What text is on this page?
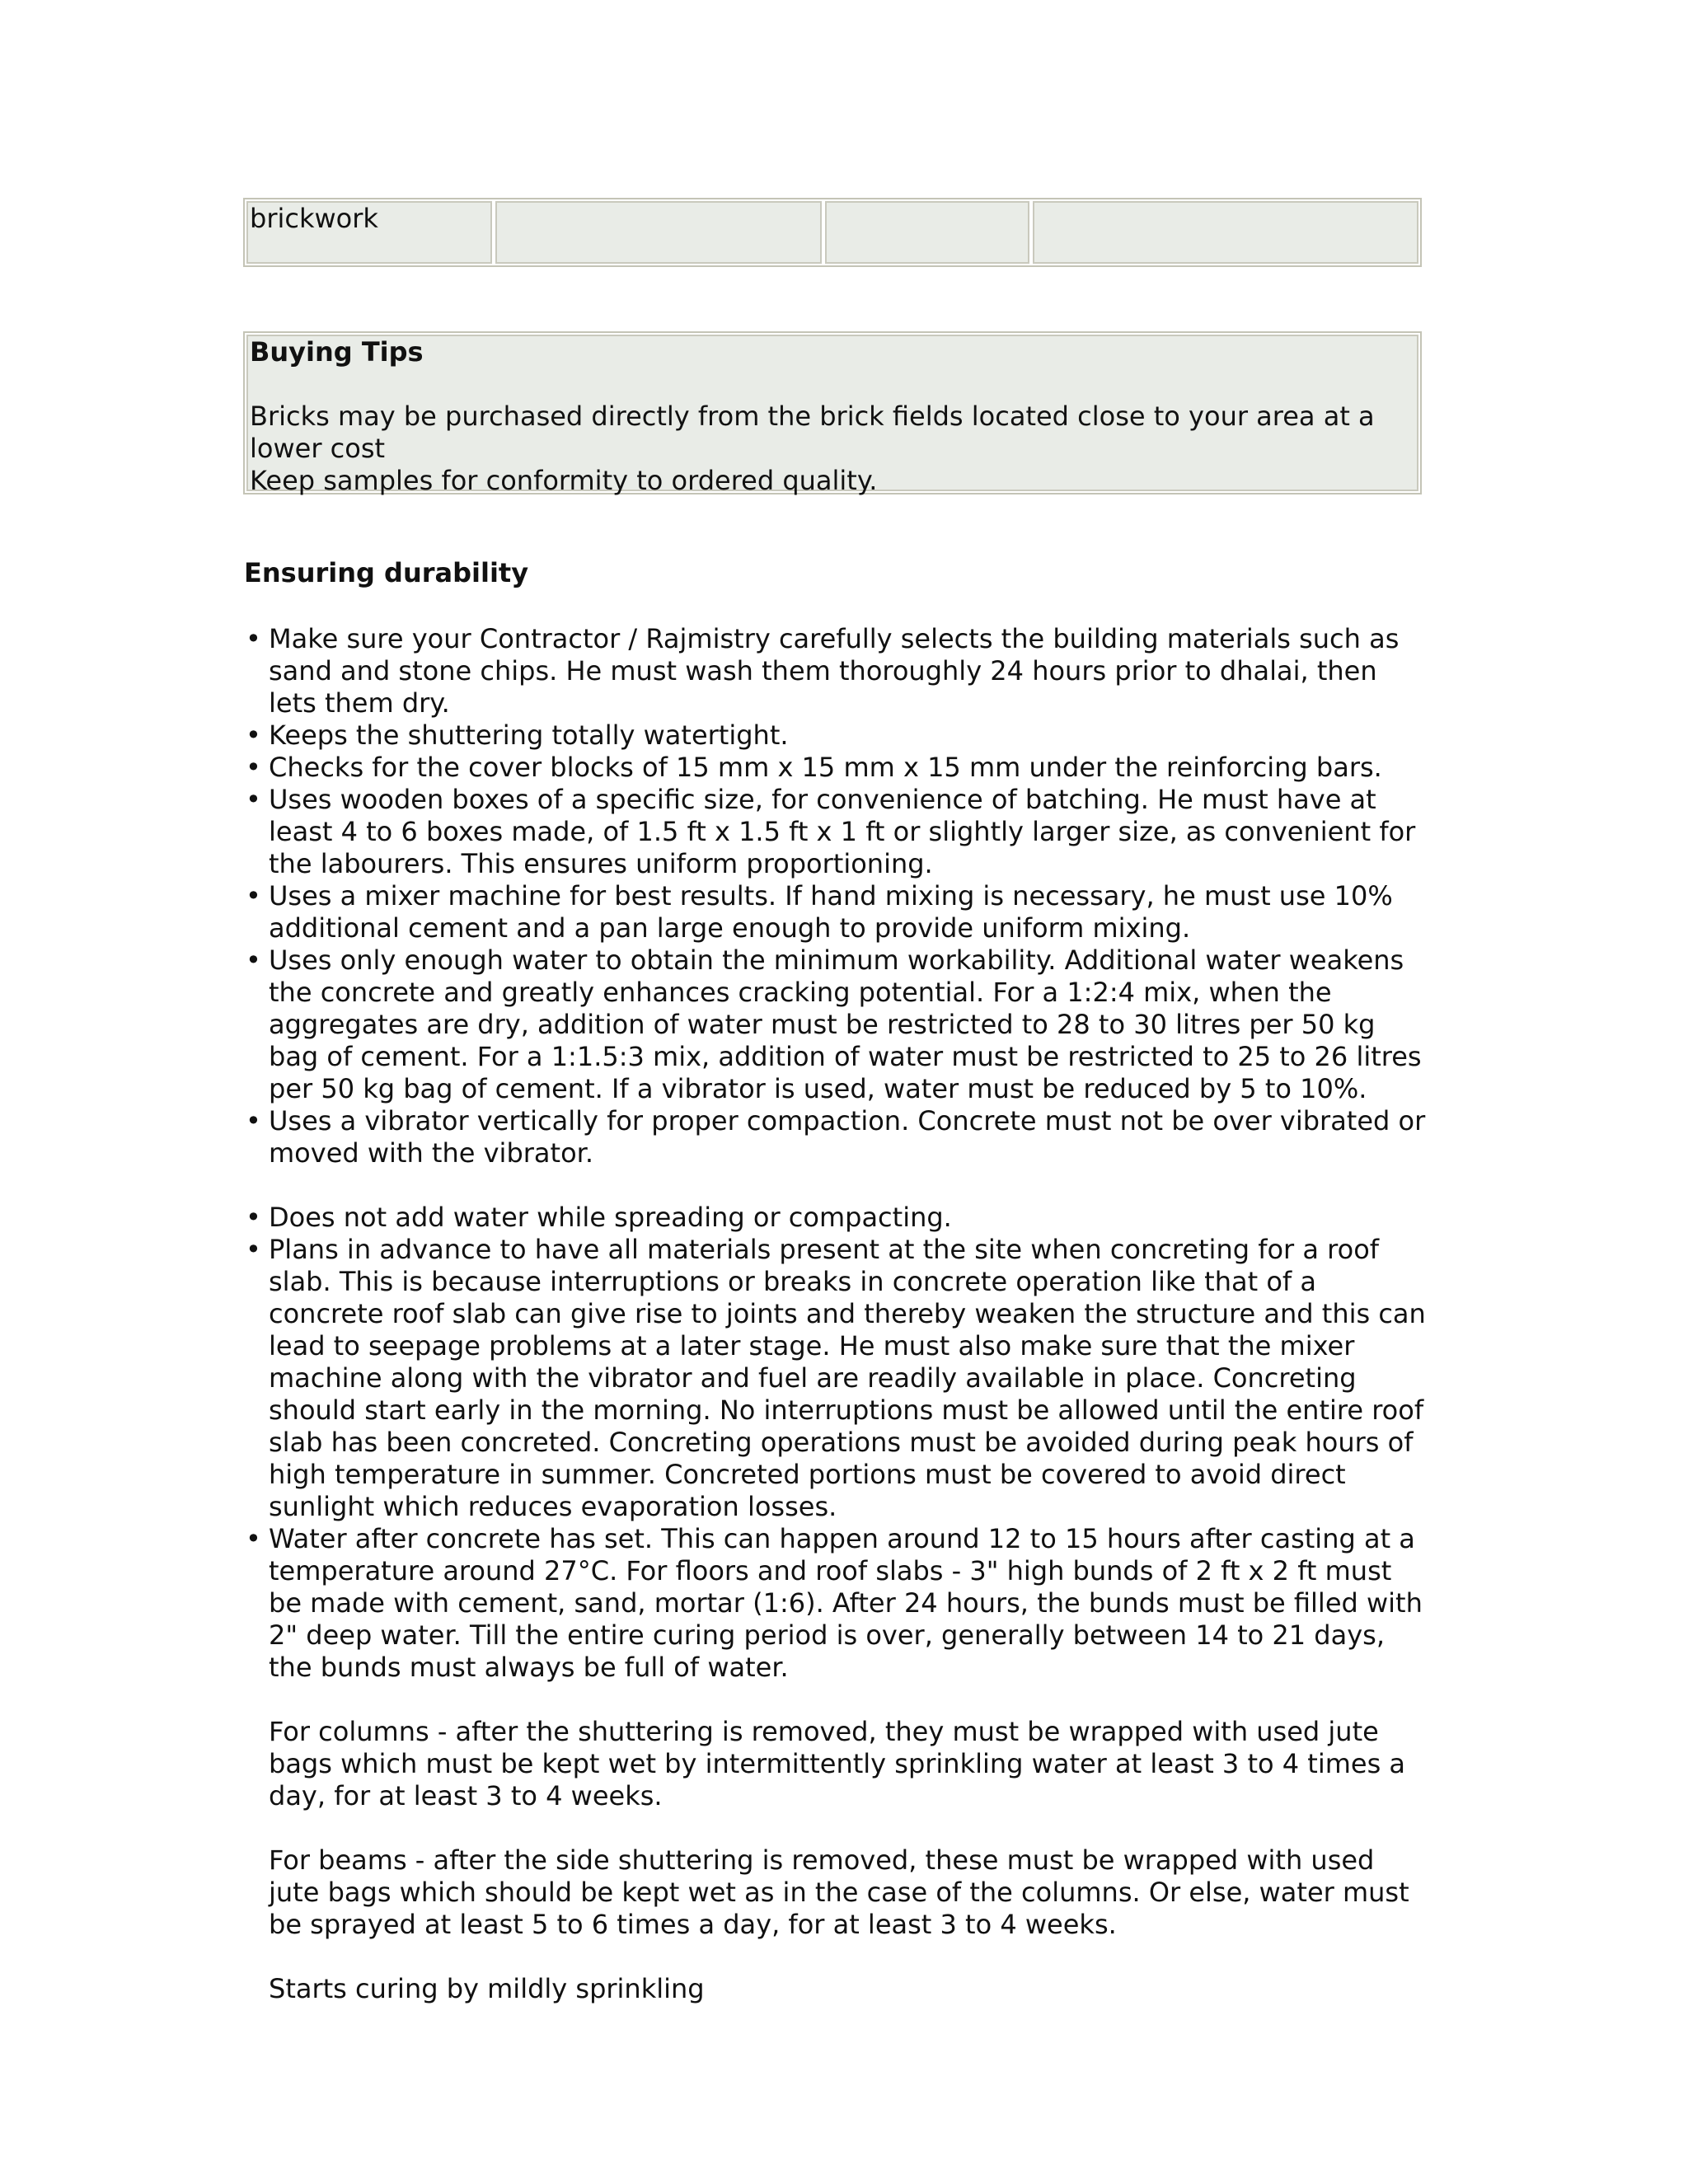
brickwork

Buying Tips

Bricks may be purchased directly from the brick fields located close to your area at a lower cost

Keep samples for conformity to ordered quality.

Ensuring durability

• Make sure your Contractor / Rajmistry carefully selects the building materials such as sand and stone chips. He must wash them thoroughly 24 hours prior to dhalai, then lets them dry.

• Keeps the shuttering totally watertight.

• Checks for the cover blocks of 15 mm x 15 mm x 15 mm under the reinforcing bars.

• Uses wooden boxes of a specific size, for convenience of batching. He must have at least 4 to 6 boxes made, of 1.5 ft x 1.5 ft x 1 ft or slightly larger size, as convenient for the labourers. This ensures uniform proportioning.

• Uses a mixer machine for best results. If hand mixing is necessary, he must use 10% additional cement and a pan large enough to provide uniform mixing.

• Uses only enough water to obtain the minimum workability. Additional water weakens the concrete and greatly enhances cracking potential. For a 1:2:4 mix, when the aggregates are dry, addition of water must be restricted to 28 to 30 litres per 50 kg bag of cement. For a 1:1.5:3 mix, addition of water must be restricted to 25 to 26 litres per 50 kg bag of cement. If a vibrator is used, water must be reduced by 5 to 10%.

• Uses a vibrator vertically for proper compaction. Concrete must not be over vibrated or moved with the vibrator.

• Does not add water while spreading or compacting.

• Plans in advance to have all materials present at the site when concreting for a roof slab. This is because interruptions or breaks in concrete operation like that of a concrete roof slab can give rise to joints and thereby weaken the structure and this can lead to seepage problems at a later stage. He must also make sure that the mixer machine along with the vibrator and fuel are readily available in place. Concreting should start early in the morning. No interruptions must be allowed until the entire roof slab has been concreted. Concreting operations must be avoided during peak hours of high temperature in summer. Concreted portions must be covered to avoid direct sunlight which reduces evaporation losses.

• Water after concrete has set. This can happen around 12 to 15 hours after casting at a temperature around 27°C. For floors and roof slabs - 3" high bunds of 2 ft x 2 ft must be made with cement, sand, mortar (1:6). After 24 hours, the bunds must be filled with 2" deep water. Till the entire curing period is over, generally between 14 to 21 days, the bunds must always be full of water.

For columns - after the shuttering is removed, they must be wrapped with used jute bags which must be kept wet by intermittently sprinkling water at least 3 to 4 times a day, for at least 3 to 4 weeks.

For beams - after the side shuttering is removed, these must be wrapped with used jute bags which should be kept wet as in the case of the columns. Or else, water must be sprayed at least 5 to 6 times a day, for at least 3 to 4 weeks.

Starts curing by mildly sprinkling
